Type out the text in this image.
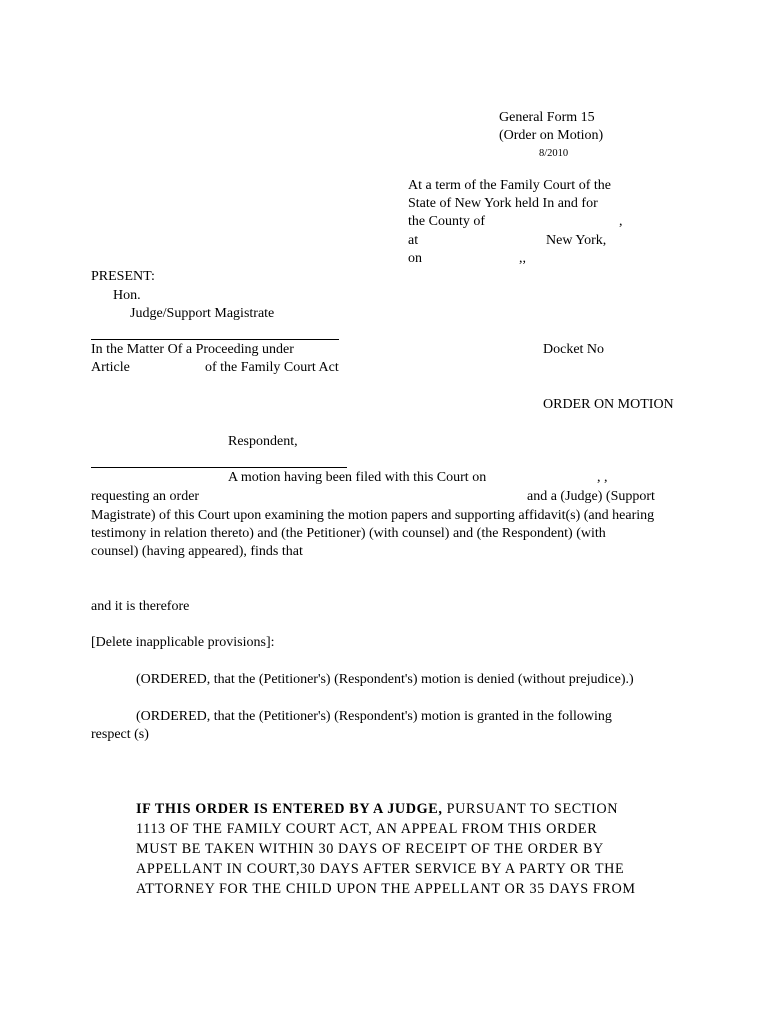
General Form 15
(Order on Motion)
8/2010
At a term of the Family Court of the
State of New York held In and for
the County of	,
at	New York,
on	,,
PRESENT:
Hon.
Judge/Support Magistrate
In the Matter Of a Proceeding under
Article	of the Family Court Act
Docket No
ORDER ON MOTION
Respondent,
A motion having been filed with this Court on	, ,
requesting an order	and a (Judge) (Support
Magistrate) of this Court upon examining the motion papers and supporting affidavit(s) (and hearing
testimony in relation thereto) and (the Petitioner) (with counsel) and (the Respondent) (with
counsel) (having appeared), finds that
and it is therefore
[Delete inapplicable provisions]:
(ORDERED, that the (Petitioner's) (Respondent's) motion is denied (without prejudice).)
(ORDERED, that the (Petitioner's) (Respondent's) motion is granted in the following
respect (s)
IF THIS ORDER IS ENTERED BY A JUDGE, PURSUANT TO SECTION
1113 OF THE FAMILY COURT ACT, AN APPEAL FROM THIS ORDER
MUST BE TAKEN WITHIN 30 DAYS OF RECEIPT OF THE ORDER BY
APPELLANT IN COURT,30 DAYS AFTER SERVICE BY A PARTY OR THE
ATTORNEY FOR THE CHILD UPON THE APPELLANT OR 35 DAYS FROM
